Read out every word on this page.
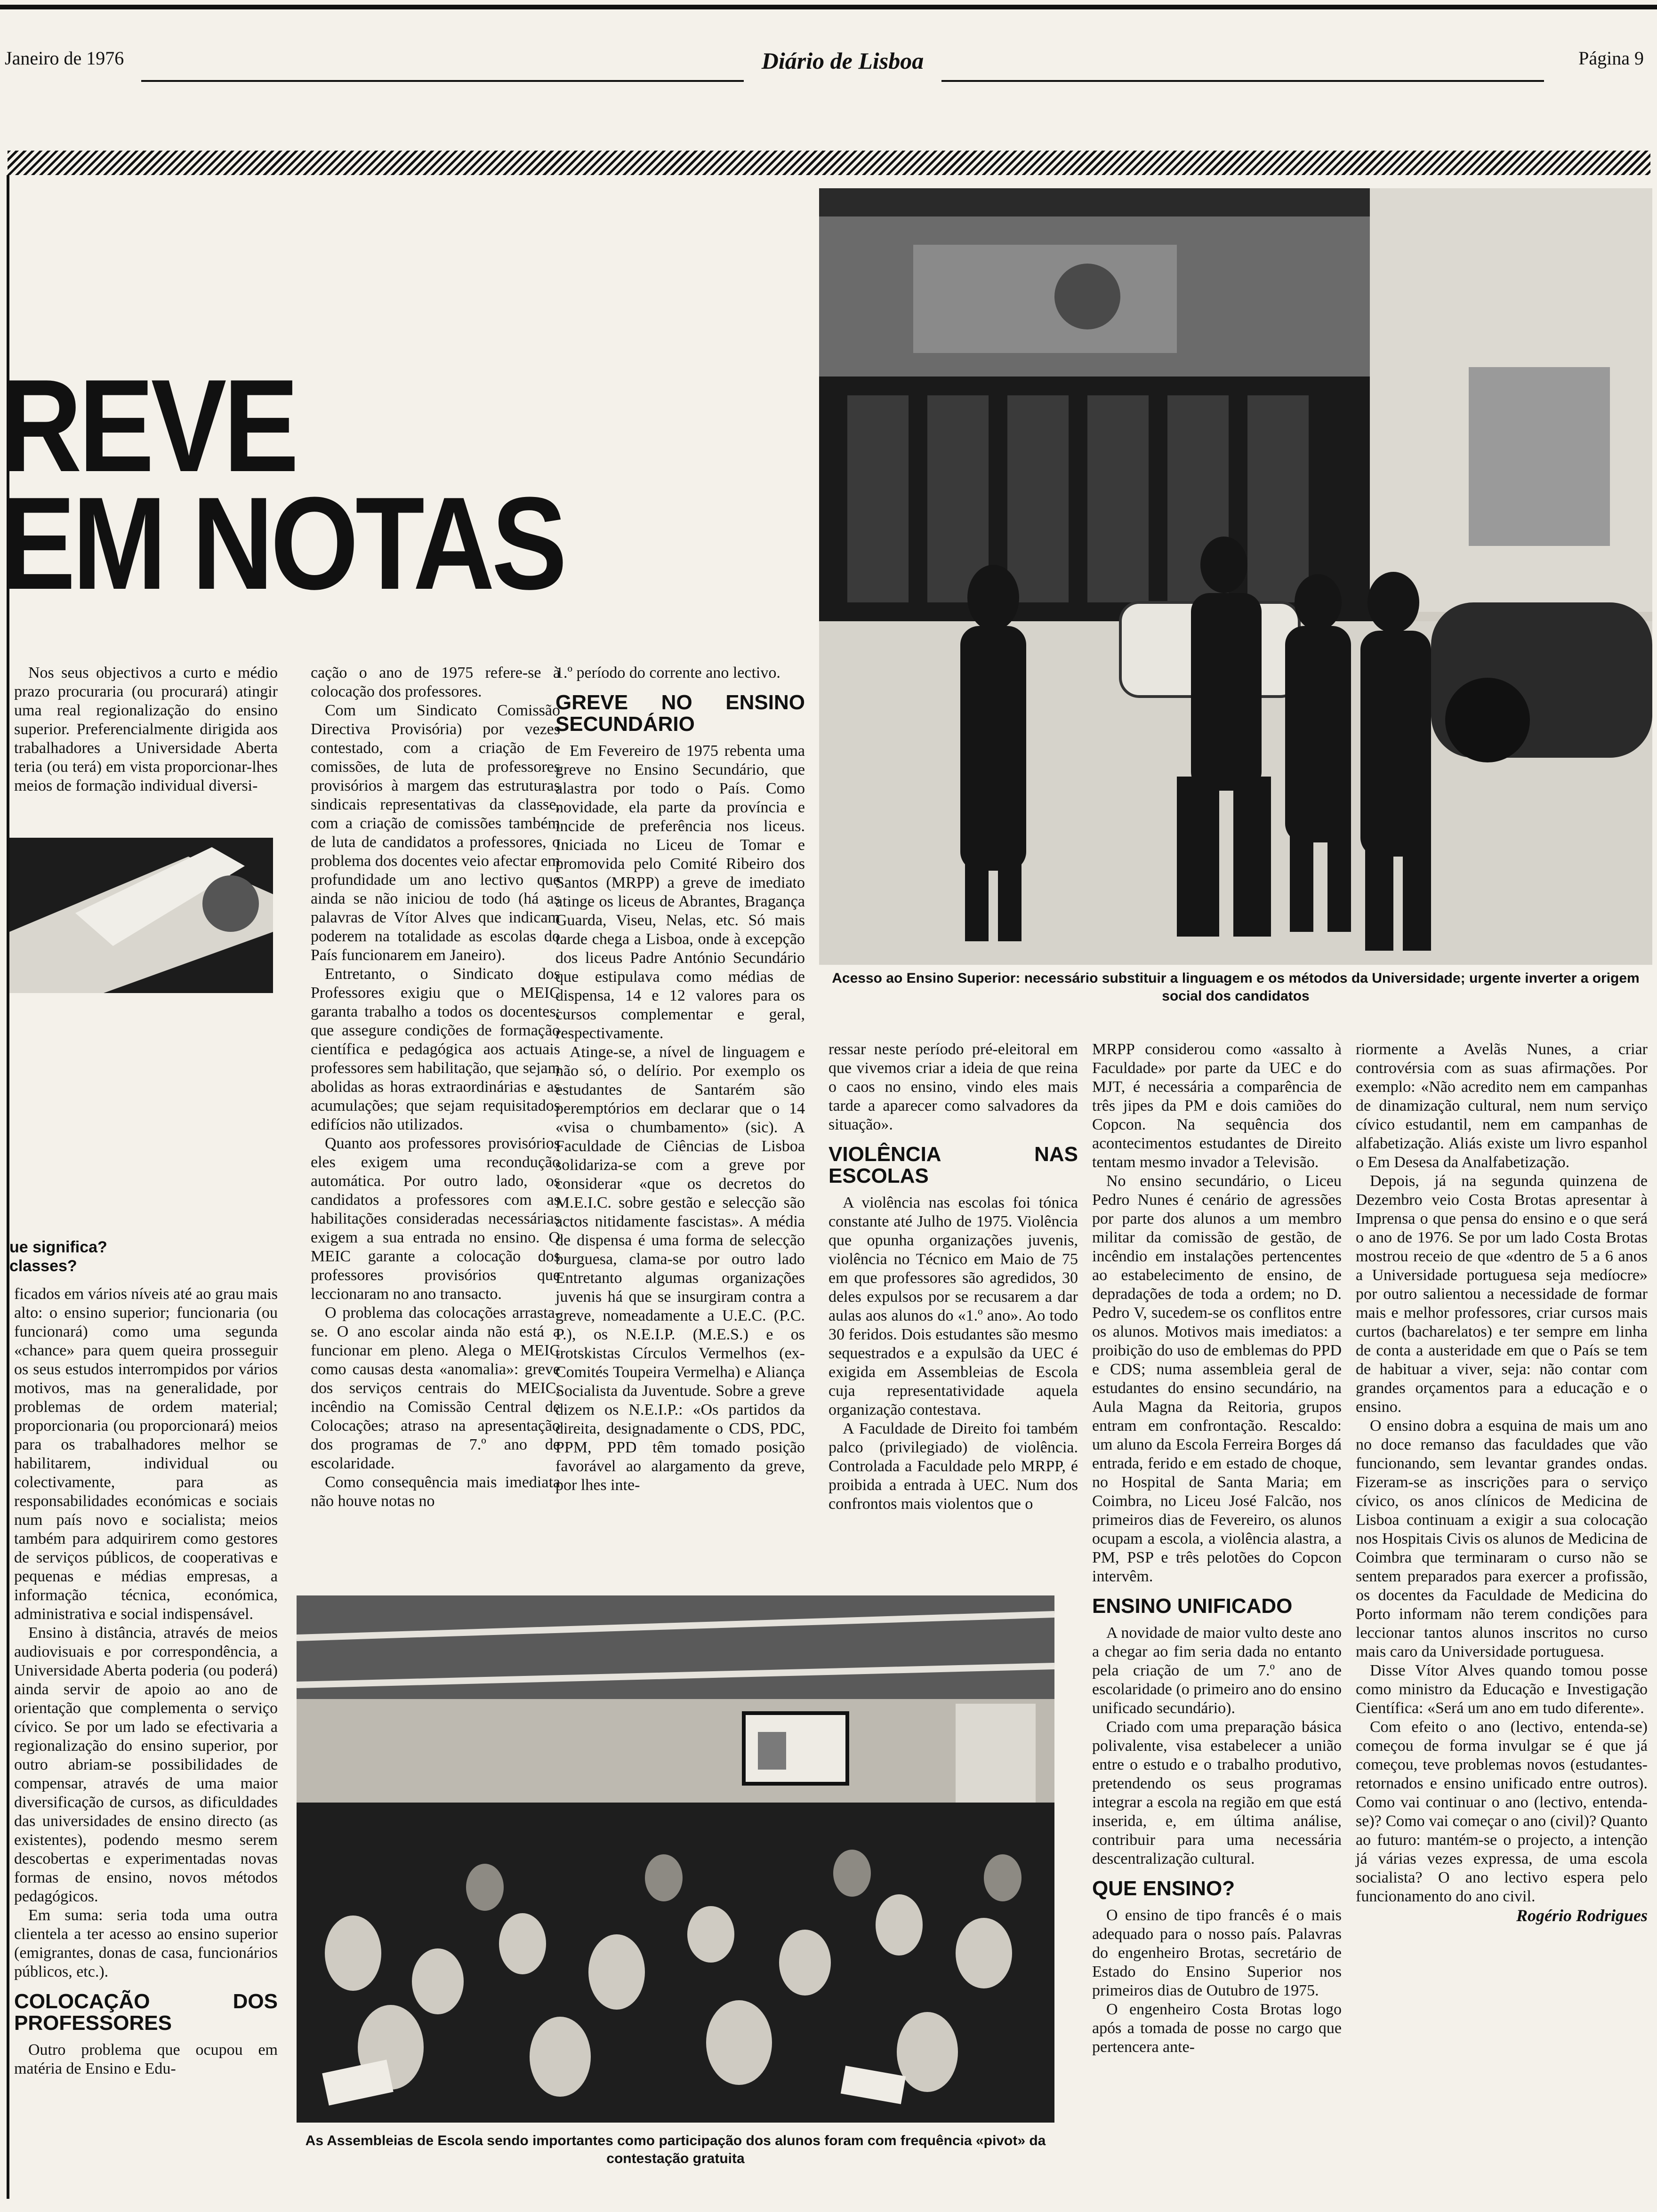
Janeiro de 1976	Diário de Lisboa	Página 9
REVE
EM NOTAS
Acesso ao Ensino Superior: necessário substituir a linguagem e os métodos da Universidade; urgente inverter a origem social dos candidatos
ue significa?
classes?

Nos seus objectivos a curto e médio prazo procuraria (ou procurará) atingir uma real regionalização do ensino superior. Preferencialmente dirigida aos trabalhadores a Universidade Aberta teria (ou terá) em vista proporcionar-lhes meios de formação individual diversi-

ficados em vários níveis até ao grau mais alto: o ensino superior; funcionaria (ou funcionará) como uma segunda «chance» para quem queira prosseguir os seus estudos interrompidos por vários motivos, mas na generalidade, por problemas de ordem material; proporcionaria (ou proporcionará) meios para os trabalhadores melhor se habilitarem, individual ou colectivamente, para as responsabilidades económicas e sociais num país novo e socialista; meios também para adquirirem como gestores de serviços públicos, de cooperativas e pequenas e médias empresas, a informação técnica, económica, administrativa e social indispensável.

Ensino à distância, através de meios audiovisuais e por correspondência, a Universidade Aberta poderia (ou poderá) ainda servir de apoio ao ano de orientação que complementa o serviço cívico. Se por um lado se efectivaria a regionalização do ensino superior, por outro abriam-se possibilidades de compensar, através de uma maior diversificação de cursos, as dificuldades das universidades de ensino directo (as existentes), podendo mesmo serem descobertas e experimentadas novas formas de ensino, novos métodos pedagógicos.

Em suma: seria toda uma outra clientela a ter acesso ao ensino superior (emigrantes, donas de casa, funcionários públicos, etc.).

COLOCAÇÃO DOS PROFESSORES

Outro problema que ocupou em matéria de Ensino e Edu-

cação o ano de 1975 refere-se à colocação dos professores.

Com um Sindicato Comissão Directiva Provisória) por vezes contestado, com a criação de comissões, de luta de professores provisórios à margem das estruturas sindicais representativas da classe, com a criação de comissões também de luta de candidatos a professores, o problema dos docentes veio afectar em profundidade um ano lectivo que ainda se não iniciou de todo (há as palavras de Vítor Alves que indicam poderem na totalidade as escolas do País funcionarem em Janeiro).

Entretanto, o Sindicato dos Professores exigiu que o MEIC garanta trabalho a todos os docentes; que assegure condições de formação científica e pedagógica aos actuais professores sem habilitação, que sejam abolidas as horas extraordinárias e as acumulações; que sejam requisitados edifícios não utilizados.

Quanto aos professores provisórios eles exigem uma recondução automática. Por outro lado, os candidatos a professores com as habilitações consideradas necessárias exigem a sua entrada no ensino. O MEIC garante a colocação dos professores provisórios que leccionaram no ano transacto.

O problema das colocações arrasta-se. O ano escolar ainda não está a funcionar em pleno. Alega o MEIC como causas desta «anomalia»: greve dos serviços centrais do MEIC, incêndio na Comissão Central de Colocações; atraso na apresentação dos programas de 7.º ano de escolaridade.

Como consequência mais imediata não houve notas no

1.º período do corrente ano lectivo.

GREVE NO ENSINO SECUNDÁRIO

Em Fevereiro de 1975 rebenta uma greve no Ensino Secundário, que alastra por todo o País. Como novidade, ela parte da província e incide de preferência nos liceus. Iniciada no Liceu de Tomar e promovida pelo Comité Ribeiro dos Santos (MRPP) a greve de imediato atinge os liceus de Abrantes, Bragança Guarda, Viseu, Nelas, etc. Só mais tarde chega a Lisboa, onde à excepção dos liceus Padre António Secundário que estipulava como médias de dispensa, 14 e 12 valores para os cursos complementar e geral, respectivamente.

Atinge-se, a nível de linguagem e não só, o delírio. Por exemplo os estudantes de Santarém são peremptórios em declarar que o 14 «visa o chumbamento» (sic). A Faculdade de Ciências de Lisboa solidariza-se com a greve por considerar «que os decretos do M.E.I.C. sobre gestão e selecção são actos nitidamente fascistas». A média de dispensa é uma forma de selecção burguesa, clama-se por outro lado Entretanto algumas organizações juvenis há que se insurgiram contra a greve, nomeadamente a U.E.C. (P.C. P.), os N.E.I.P. (M.E.S.) e os trotskistas Círculos Vermelhos (ex-Comités Toupeira Vermelha) e Aliança Socialista da Juventude. Sobre a greve dizem os N.E.I.P.: «Os partidos da direita, designadamente o CDS, PDC, PPM, PPD têm tomado posição favorável ao alargamento da greve, por lhes inte-

ressar neste período pré-eleitoral em que vivemos criar a ideia de que reina o caos no ensino, vindo eles mais tarde a aparecer como salvadores da situação».

VIOLÊNCIA NAS ESCOLAS

A violência nas escolas foi tónica constante até Julho de 1975. Violência que opunha organizações juvenis, violência no Técnico em Maio de 75 em que professores são agredidos, 30 deles expulsos por se recusarem a dar aulas aos alunos do «1.º ano». Ao todo 30 feridos. Dois estudantes são mesmo sequestrados e a expulsão da UEC é exigida em Assembleias de Escola cuja representatividade aquela organização contestava.

A Faculdade de Direito foi também palco (privilegiado) de violência. Controlada a Faculdade pelo MRPP, é proibida a entrada à UEC. Num dos confrontos mais violentos que o

MRPP considerou como «assalto à Faculdade» por parte da UEC e do MJT, é necessária a comparência de três jipes da PM e dois camiões do Copcon. Na sequência dos acontecimentos estudantes de Direito tentam mesmo invador a Televisão.

No ensino secundário, o Liceu Pedro Nunes é cenário de agressões por parte dos alunos a um membro militar da comissão de gestão, de incêndio em instalações pertencentes ao estabelecimento de ensino, de depradações de toda a ordem; no D. Pedro V, sucedem-se os conflitos entre os alunos. Motivos mais imediatos: a proibição do uso de emblemas do PPD e CDS; numa assembleia geral de estudantes do ensino secundário, na Aula Magna da Reitoria, grupos entram em confrontação. Rescaldo: um aluno da Escola Ferreira Borges dá entrada, ferido e em estado de choque, no Hospital de Santa Maria; em Coimbra, no Liceu José Falcão, nos primeiros dias de Fevereiro, os alunos ocupam a escola, a violência alastra, a PM, PSP e três pelotões do Copcon intervêm.

ENSINO UNIFICADO

A novidade de maior vulto deste ano a chegar ao fim seria dada no entanto pela criação de um 7.º ano de escolaridade (o primeiro ano do ensino unificado secundário).

Criado com uma preparação básica polivalente, visa estabelecer a união entre o estudo e o trabalho produtivo, pretendendo os seus programas integrar a escola na região em que está inserida, e, em última análise, contribuir para uma necessária descentralização cultural.

QUE ENSINO?

O ensino de tipo francês é o mais adequado para o nosso país. Palavras do engenheiro Brotas, secretário de Estado do Ensino Superior nos primeiros dias de Outubro de 1975.

O engenheiro Costa Brotas logo após a tomada de posse no cargo que pertencera ante-

riormente a Avelãs Nunes, a criar controvérsia com as suas afirmações. Por exemplo: «Não acredito nem em campanhas de dinamização cultural, nem num serviço cívico estudantil, nem em campanhas de alfabetização. Aliás existe um livro espanhol o Em Desesa da Analfabetização.

Depois, já na segunda quinzena de Dezembro veio Costa Brotas apresentar à Imprensa o que pensa do ensino e o que será o ano de 1976. Se por um lado Costa Brotas mostrou receio de que «dentro de 5 a 6 anos a Universidade portuguesa seja medíocre» por outro salientou a necessidade de formar mais e melhor professores, criar cursos mais curtos (bacharelatos) e ter sempre em linha de conta a austeridade em que o País se tem de habituar a viver, seja: não contar com grandes orçamentos para a educação e o ensino.

O ensino dobra a esquina de mais um ano no doce remanso das faculdades que vão funcionando, sem levantar grandes ondas. Fizeram-se as inscrições para o serviço cívico, os anos clínicos de Medicina de Lisboa continuam a exigir a sua colocação nos Hospitais Civis os alunos de Medicina de Coimbra que terminaram o curso não se sentem preparados para exercer a profissão, os docentes da Faculdade de Medicina do Porto informam não terem condições para leccionar tantos alunos inscritos no curso mais caro da Universidade portuguesa.

Disse Vítor Alves quando tomou posse como ministro da Educação e Investigação Científica: «Será um ano em tudo diferente».

Com efeito o ano (lectivo, entenda-se) começou de forma invulgar se é que já começou, teve problemas novos (estudantes-retornados e ensino unificado entre outros). Como vai continuar o ano (lectivo, entenda-se)? Como vai começar o ano (civil)? Quanto ao futuro: mantém-se o projecto, a intenção já várias vezes expressa, de uma escola socialista? O ano lectivo espera pelo funcionamento do ano civil.

Rogério Rodrigues
As Assembleias de Escola sendo importantes como participação dos alunos foram com frequência «pivot» da contestação gratuita
